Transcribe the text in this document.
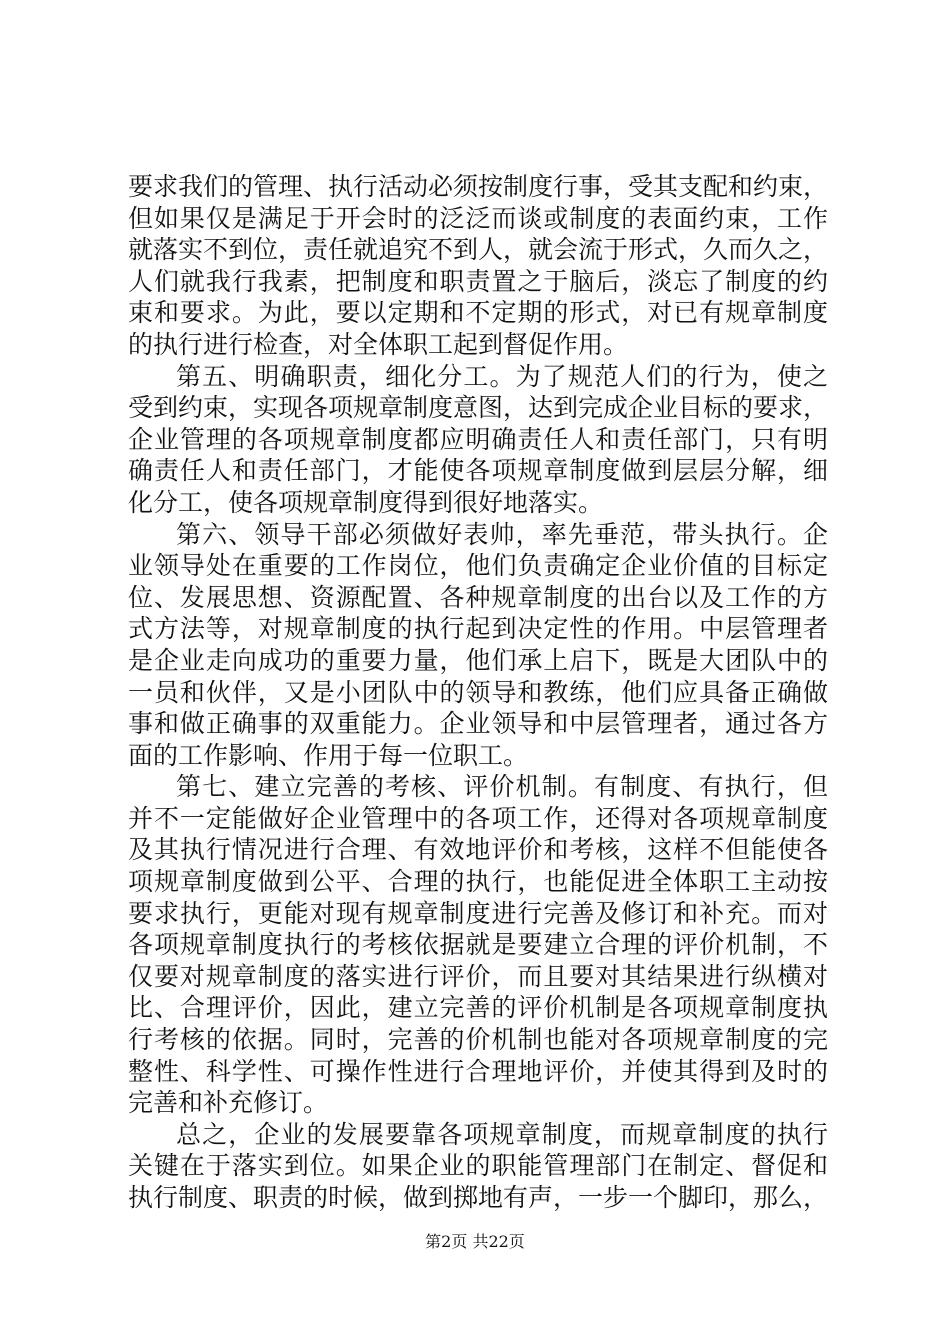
要求我们的管理、执行活动必须按制度行事，受其支配和约束，
但如果仅是满足于开会时的泛泛而谈或制度的表面约束，工作
就落实不到位，责任就追究不到人，就会流于形式，久而久之，
人们就我行我素，把制度和职责置之于脑后，淡忘了制度的约
束和要求。为此，要以定期和不定期的形式，对已有规章制度
的执行进行检查，对全体职工起到督促作用。
第五、明确职责，细化分工。为了规范人们的行为，使之
受到约束，实现各项规章制度意图，达到完成企业目标的要求，
企业管理的各项规章制度都应明确责任人和责任部门，只有明
确责任人和责任部门，才能使各项规章制度做到层层分解，细
化分工，使各项规章制度得到很好地落实。
第六、领导干部必须做好表帅，率先垂范，带头执行。企
业领导处在重要的工作岗位，他们负责确定企业价值的目标定
位、发展思想、资源配置、各种规章制度的出台以及工作的方
式方法等，对规章制度的执行起到决定性的作用。中层管理者
是企业走向成功的重要力量，他们承上启下，既是大团队中的
一员和伙伴，又是小团队中的领导和教练，他们应具备正确做
事和做正确事的双重能力。企业领导和中层管理者，通过各方
面的工作影响、作用于每一位职工。
第七、建立完善的考核、评价机制。有制度、有执行，但
并不一定能做好企业管理中的各项工作，还得对各项规章制度
及其执行情况进行合理、有效地评价和考核，这样不但能使各
项规章制度做到公平、合理的执行，也能促进全体职工主动按
要求执行，更能对现有规章制度进行完善及修订和补充。而对
各项规章制度执行的考核依据就是要建立合理的评价机制，不
仅要对规章制度的落实进行评价，而且要对其结果进行纵横对
比、合理评价，因此，建立完善的评价机制是各项规章制度执
行考核的依据。同时，完善的价机制也能对各项规章制度的完
整性、科学性、可操作性进行合理地评价，并使其得到及时的
完善和补充修订。
总之，企业的发展要靠各项规章制度，而规章制度的执行
关键在于落实到位。如果企业的职能管理部门在制定、督促和
执行制度、职责的时候，做到掷地有声，一步一个脚印，那么，
第2页 共22页
